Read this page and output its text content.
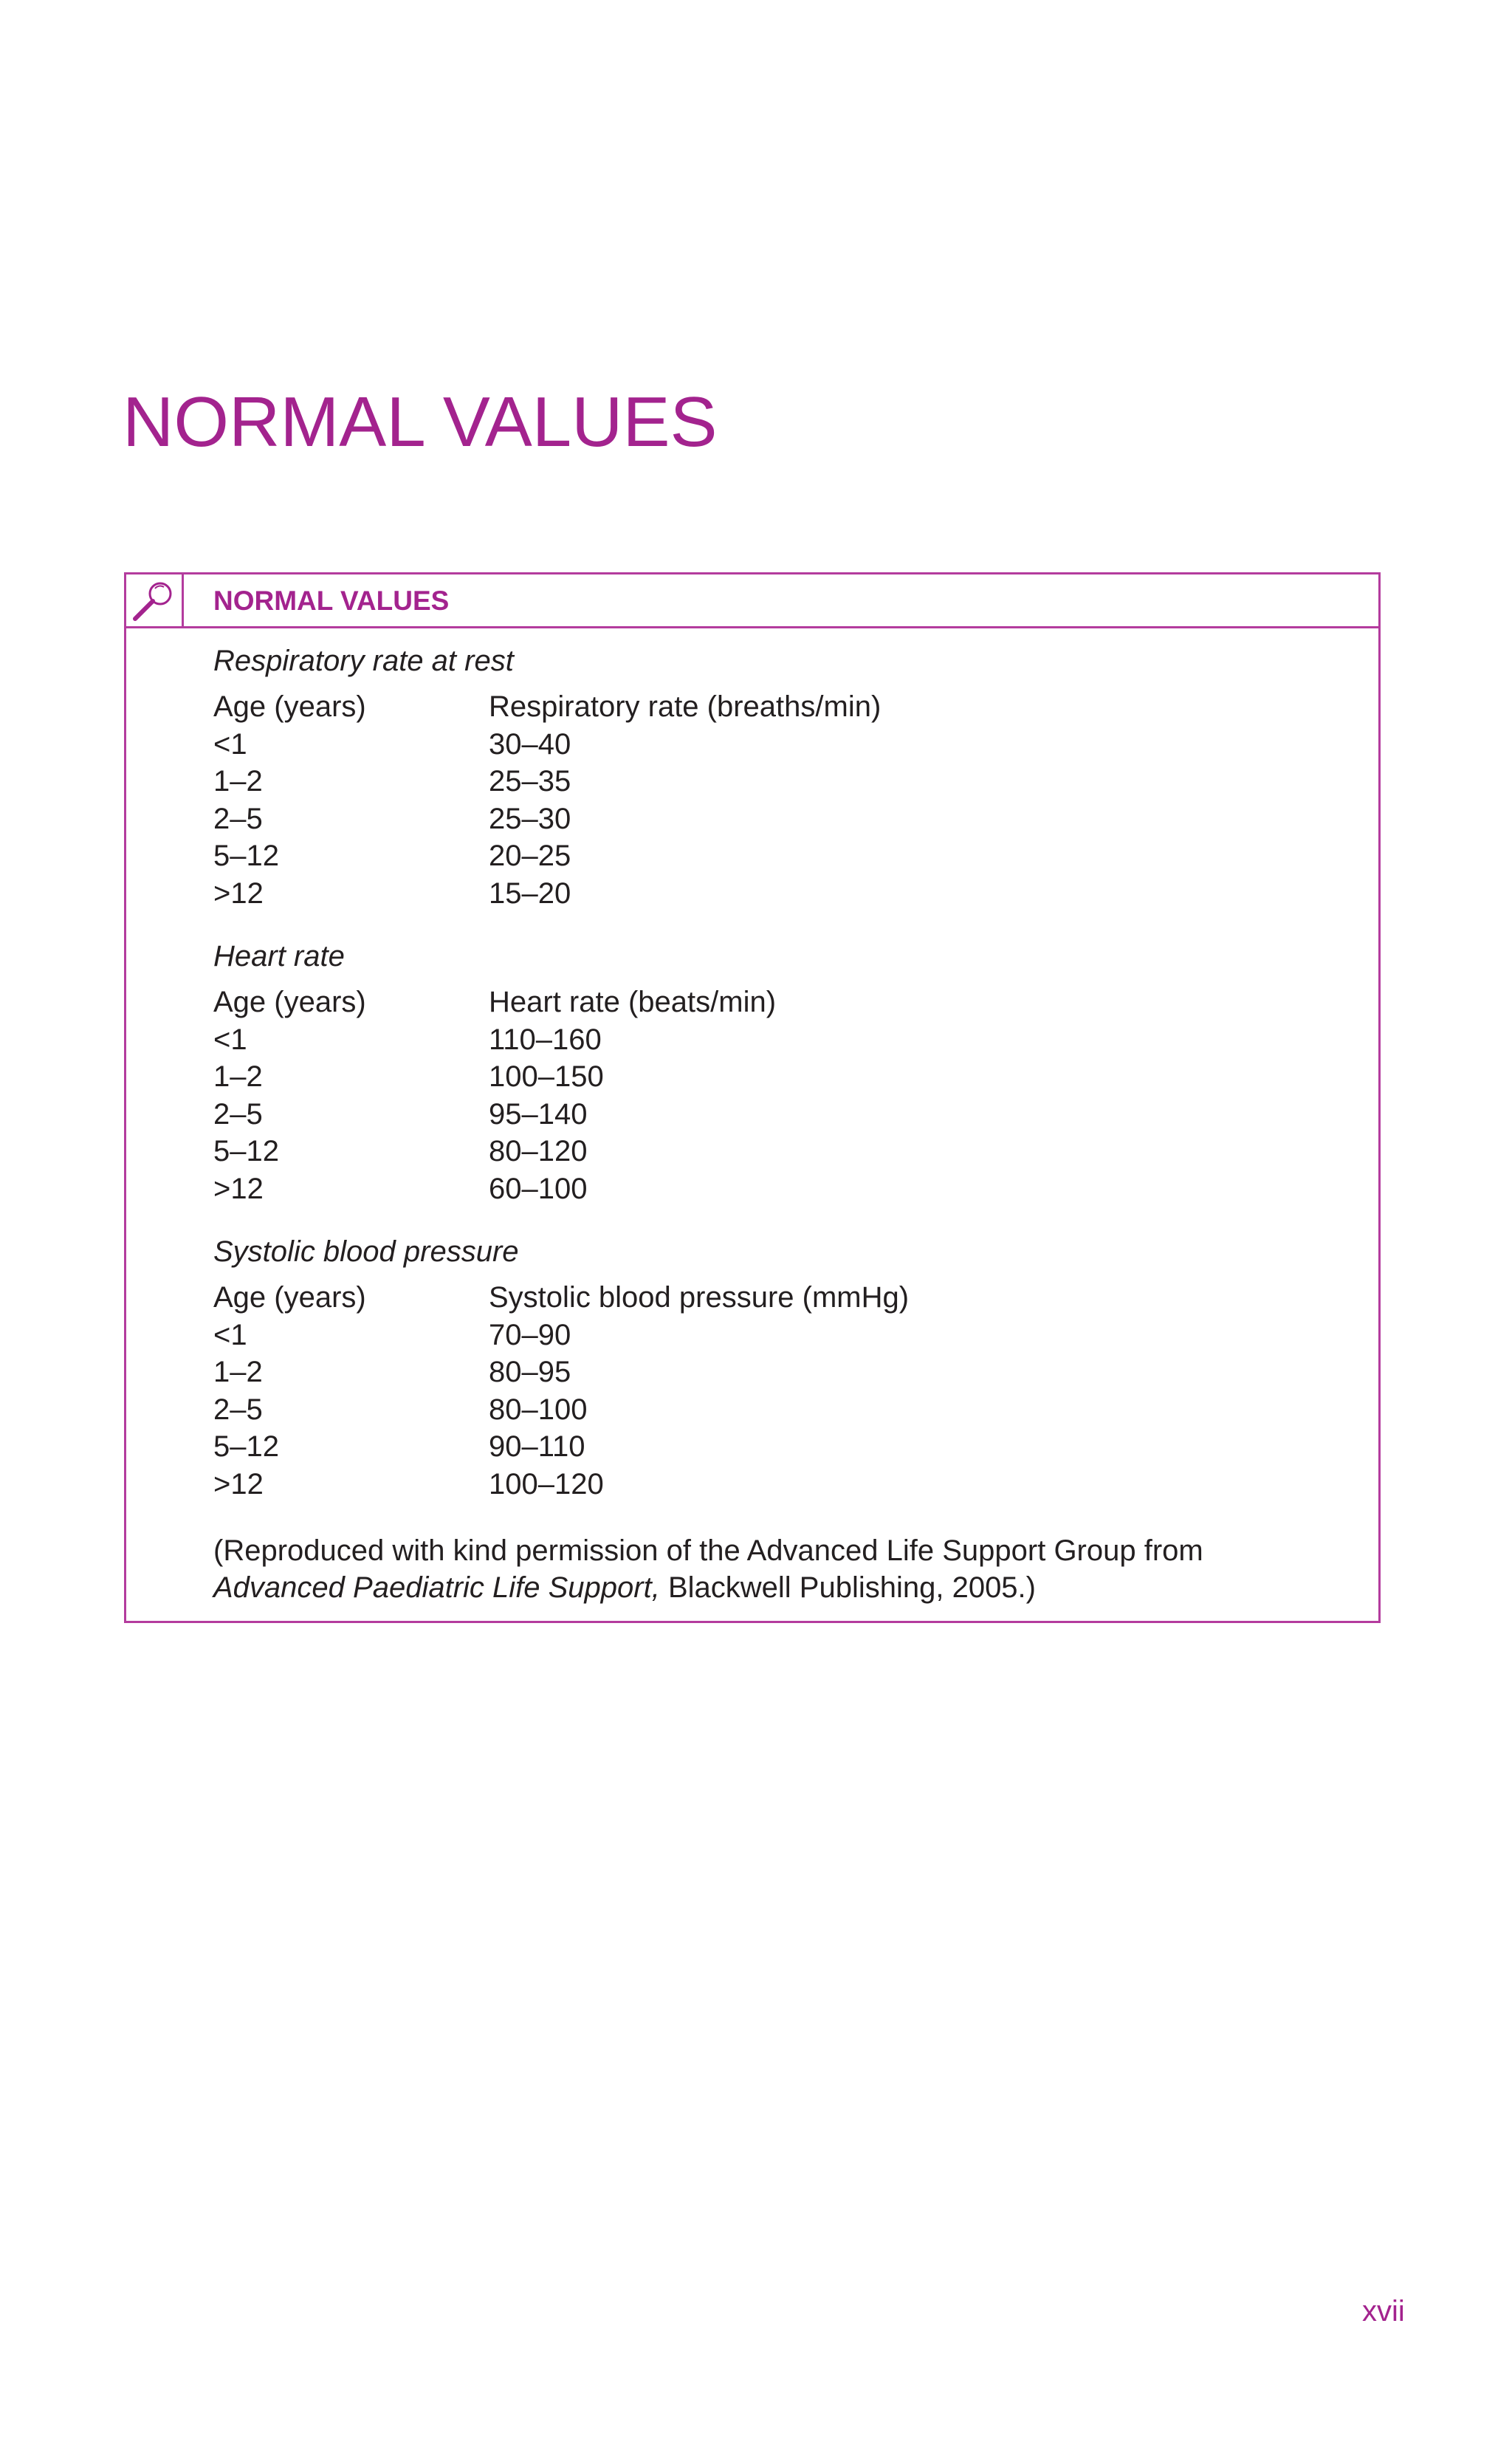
NORMAL VALUES
NORMAL VALUES
Respiratory rate at rest
Age (years)	Respiratory rate (breaths/min)
<1	30–40
1–2	25–35
2–5	25–30
5–12	20–25
>12	15–20
Heart rate
Age (years)	Heart rate (beats/min)
<1	110–160
1–2	100–150
2–5	95–140
5–12	80–120
>12	60–100
Systolic blood pressure
Age (years)	Systolic blood pressure (mmHg)
<1	70–90
1–2	80–95
2–5	80–100
5–12	90–110
>12	100–120
(Reproduced with kind permission of the Advanced Life Support Group from
Advanced Paediatric Life Support, Blackwell Publishing, 2005.)
xvii
